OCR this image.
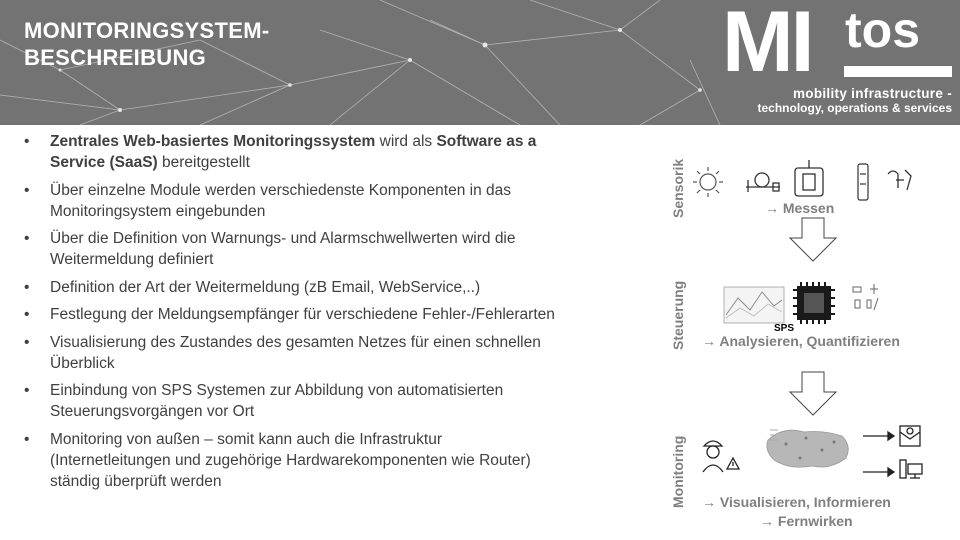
MONITORINGSYSTEM-
BESCHREIBUNG	MI tos
mobility infrastructure -
technology, operations & services
• Zentrales Web-basiertes Monitoringssystem wird als Software as a Service (SaaS) bereitgestellt
• Über einzelne Module werden verschiedenste Komponenten in das Monitoringsystem eingebunden
• Über die Definition von Warnungs- und Alarmschwellwerten wird die Weitermeldung definiert
• Definition der Art der Weitermeldung (zB Email, WebService,..)
• Festlegung der Meldungsempfänger für verschiedene Fehler-/Fehlerarten
• Visualisierung des Zustandes des gesamten Netzes für einen schnellen Überblick
• Einbindung von SPS Systemen zur Abbildung von automatisierten Steuerungsvorgängen vor Ort
• Monitoring von außen – somit kann auch die Infrastruktur (Internetleitungen und zugehörige Hardwarekomponenten wie Router) ständig überprüft werden
Sensorik
Steuerung
Monitoring
SPS
→ Messen
→ Analysieren, Quantifizieren
→ Visualisieren, Informieren
→ Fernwirken
